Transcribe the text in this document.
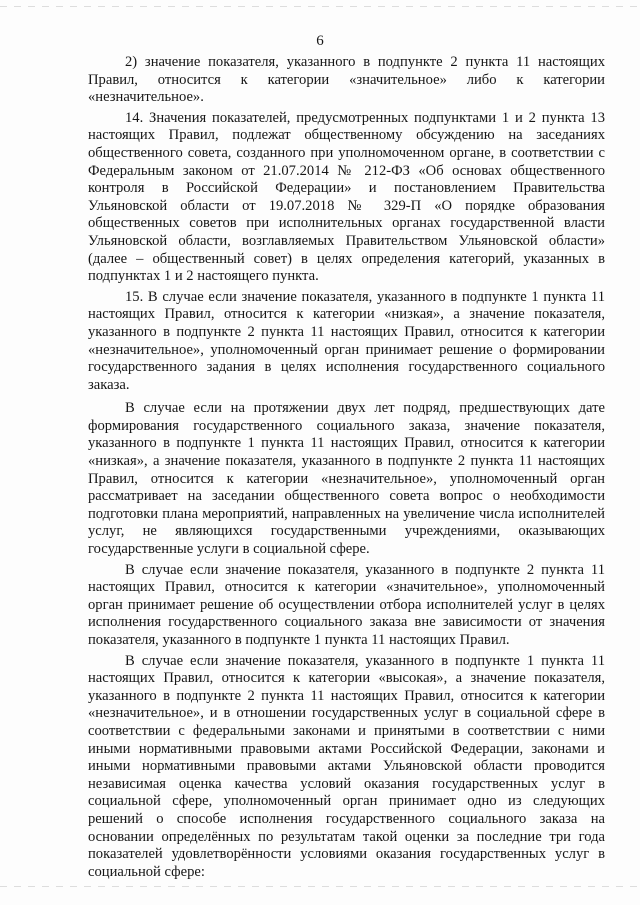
6

2) значение показателя, указанного в подпункте 2 пункта 11 настоящих Правил, относится к категории «значительное» либо к категории «незначительное».

14. Значения показателей, предусмотренных подпунктами 1 и 2 пункта 13 настоящих Правил, подлежат общественному обсуждению на заседаниях общественного совета, созданного при уполномоченном органе, в соответствии с Федеральным законом от 21.07.2014 № 212-ФЗ «Об основах общественного контроля в Российской Федерации» и постановлением Правительства Ульяновской области от 19.07.2018 № 329-П «О порядке образования общественных советов при исполнительных органах государственной власти Ульяновской области, возглавляемых Правительством Ульяновской области» (далее – общественный совет) в целях определения категорий, указанных в подпунктах 1 и 2 настоящего пункта.

15. В случае если значение показателя, указанного в подпункте 1 пункта 11 настоящих Правил, относится к категории «низкая», а значение показателя, указанного в подпункте 2 пункта 11 настоящих Правил, относится к категории «незначительное», уполномоченный орган принимает решение о формировании государственного задания в целях исполнения государственного социального заказа.

В случае если на протяжении двух лет подряд, предшествующих дате формирования государственного социального заказа, значение показателя, указанного в подпункте 1 пункта 11 настоящих Правил, относится к категории «низкая», а значение показателя, указанного в подпункте 2 пункта 11 настоящих Правил, относится к категории «незначительное», уполномоченный орган рассматривает на заседании общественного совета вопрос о необходимости подготовки плана мероприятий, направленных на увеличение числа исполнителей услуг, не являющихся государственными учреждениями, оказывающих государственные услуги в социальной сфере.

В случае если значение показателя, указанного в подпункте 2 пункта 11 настоящих Правил, относится к категории «значительное», уполномоченный орган принимает решение об осуществлении отбора исполнителей услуг в целях исполнения государственного социального заказа вне зависимости от значения показателя, указанного в подпункте 1 пункта 11 настоящих Правил.

В случае если значение показателя, указанного в подпункте 1 пункта 11 настоящих Правил, относится к категории «высокая», а значение показателя, указанного в подпункте 2 пункта 11 настоящих Правил, относится к категории «незначительное», и в отношении государственных услуг в социальной сфере в соответствии с федеральными законами и принятыми в соответствии с ними иными нормативными правовыми актами Российской Федерации, законами и иными нормативными правовыми актами Ульяновской области проводится независимая оценка качества условий оказания государственных услуг в социальной сфере, уполномоченный орган принимает одно из следующих решений о способе исполнения государственного социального заказа на основании определённых по результатам такой оценки за последние три года показателей удовлетворённости условиями оказания государственных услуг в социальной сфере:
